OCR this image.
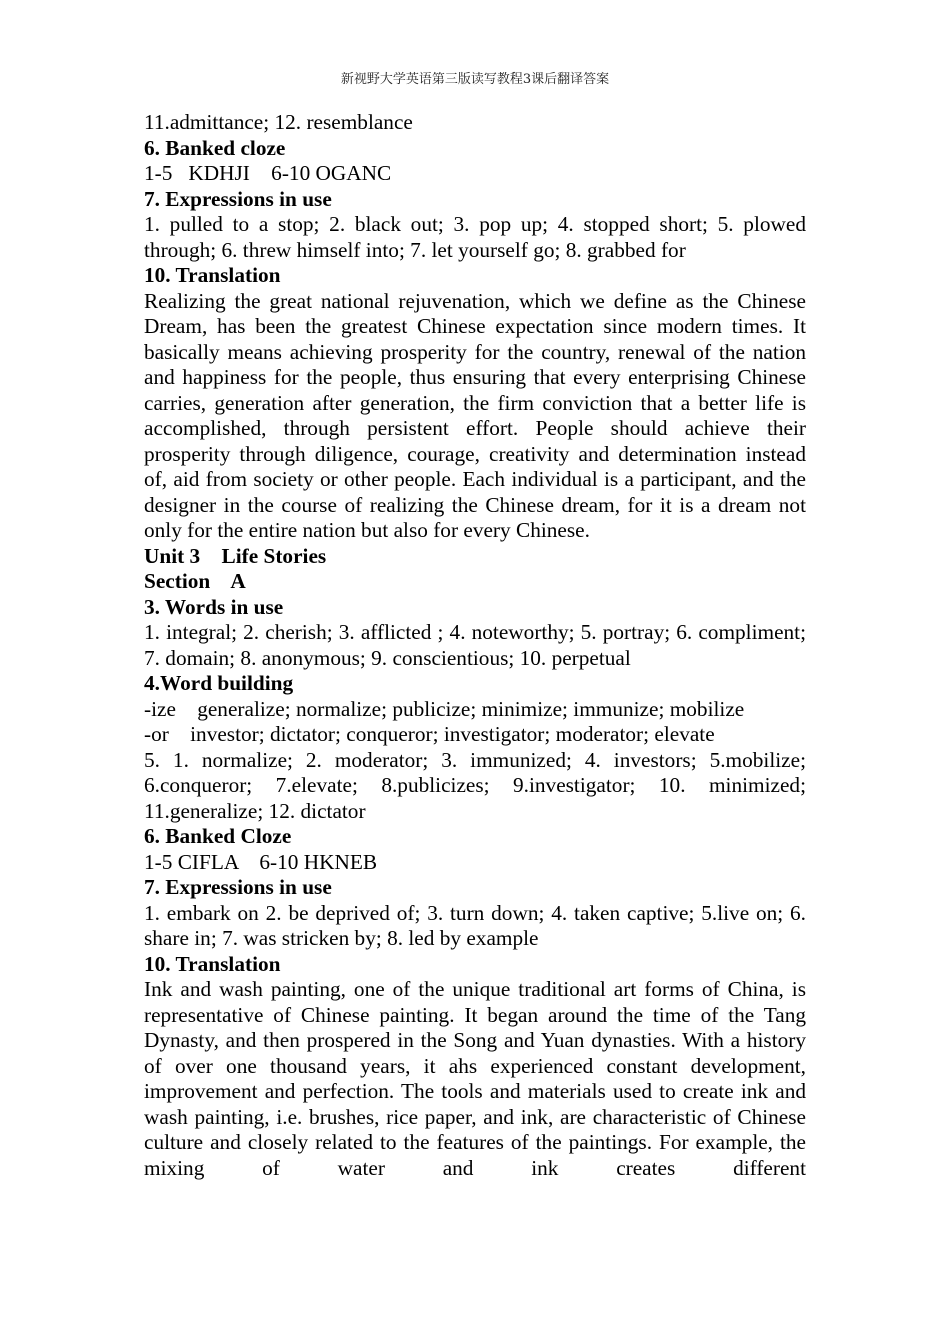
新视野大学英语第三版读写教程3课后翻译答案

11.admittance; 12. resemblance

6. Banked cloze

1-5   KDHJI    6-10 OGANC

7. Expressions in use

1. pulled to a stop; 2. black out; 3. pop up; 4. stopped short; 5. plowed through; 6. threw himself into; 7. let yourself go; 8. grabbed for

10. Translation

Realizing the great national rejuvenation, which we define as the Chinese Dream, has been the greatest Chinese expectation since modern times. It basically means achieving prosperity for the country, renewal of the nation and happiness for the people, thus ensuring that every enterprising Chinese carries, generation after generation, the firm conviction that a better life is accomplished, through persistent effort. People should achieve their prosperity through diligence, courage, creativity and determination instead of, aid from society or other people. Each individual is a participant, and the designer in the course of realizing the Chinese dream, for it is a dream not only for the entire nation but also for every Chinese.

Unit 3    Life Stories

Section    A

3. Words in use

1. integral; 2. cherish; 3. afflicted ; 4. noteworthy; 5. portray; 6. compliment; 7. domain; 8. anonymous; 9. conscientious; 10. perpetual

4.Word building

-ize    generalize; normalize; publicize; minimize; immunize; mobilize

-or    investor; dictator; conqueror; investigator; moderator; elevate

5. 1. normalize; 2. moderator; 3. immunized; 4. investors; 5.mobilize; 6.conqueror; 7.elevate; 8.publicizes; 9.investigator; 10. minimized; 11.generalize; 12. dictator

6. Banked Cloze

1-5 CIFLA    6-10 HKNEB

7. Expressions in use

1. embark on 2. be deprived of; 3. turn down; 4. taken captive; 5.live on; 6. share in; 7. was stricken by; 8. led by example

10. Translation

Ink and wash painting, one of the unique traditional art forms of China, is representative of Chinese painting. It began around the time of the Tang Dynasty, and then prospered in the Song and Yuan dynasties. With a history of over one thousand years, it ahs experienced constant development, improvement and perfection. The tools and materials used to create ink and wash painting, i.e. brushes, rice paper, and ink, are characteristic of Chinese culture and closely related to the features of the paintings. For example, the mixing of water and ink creates different
